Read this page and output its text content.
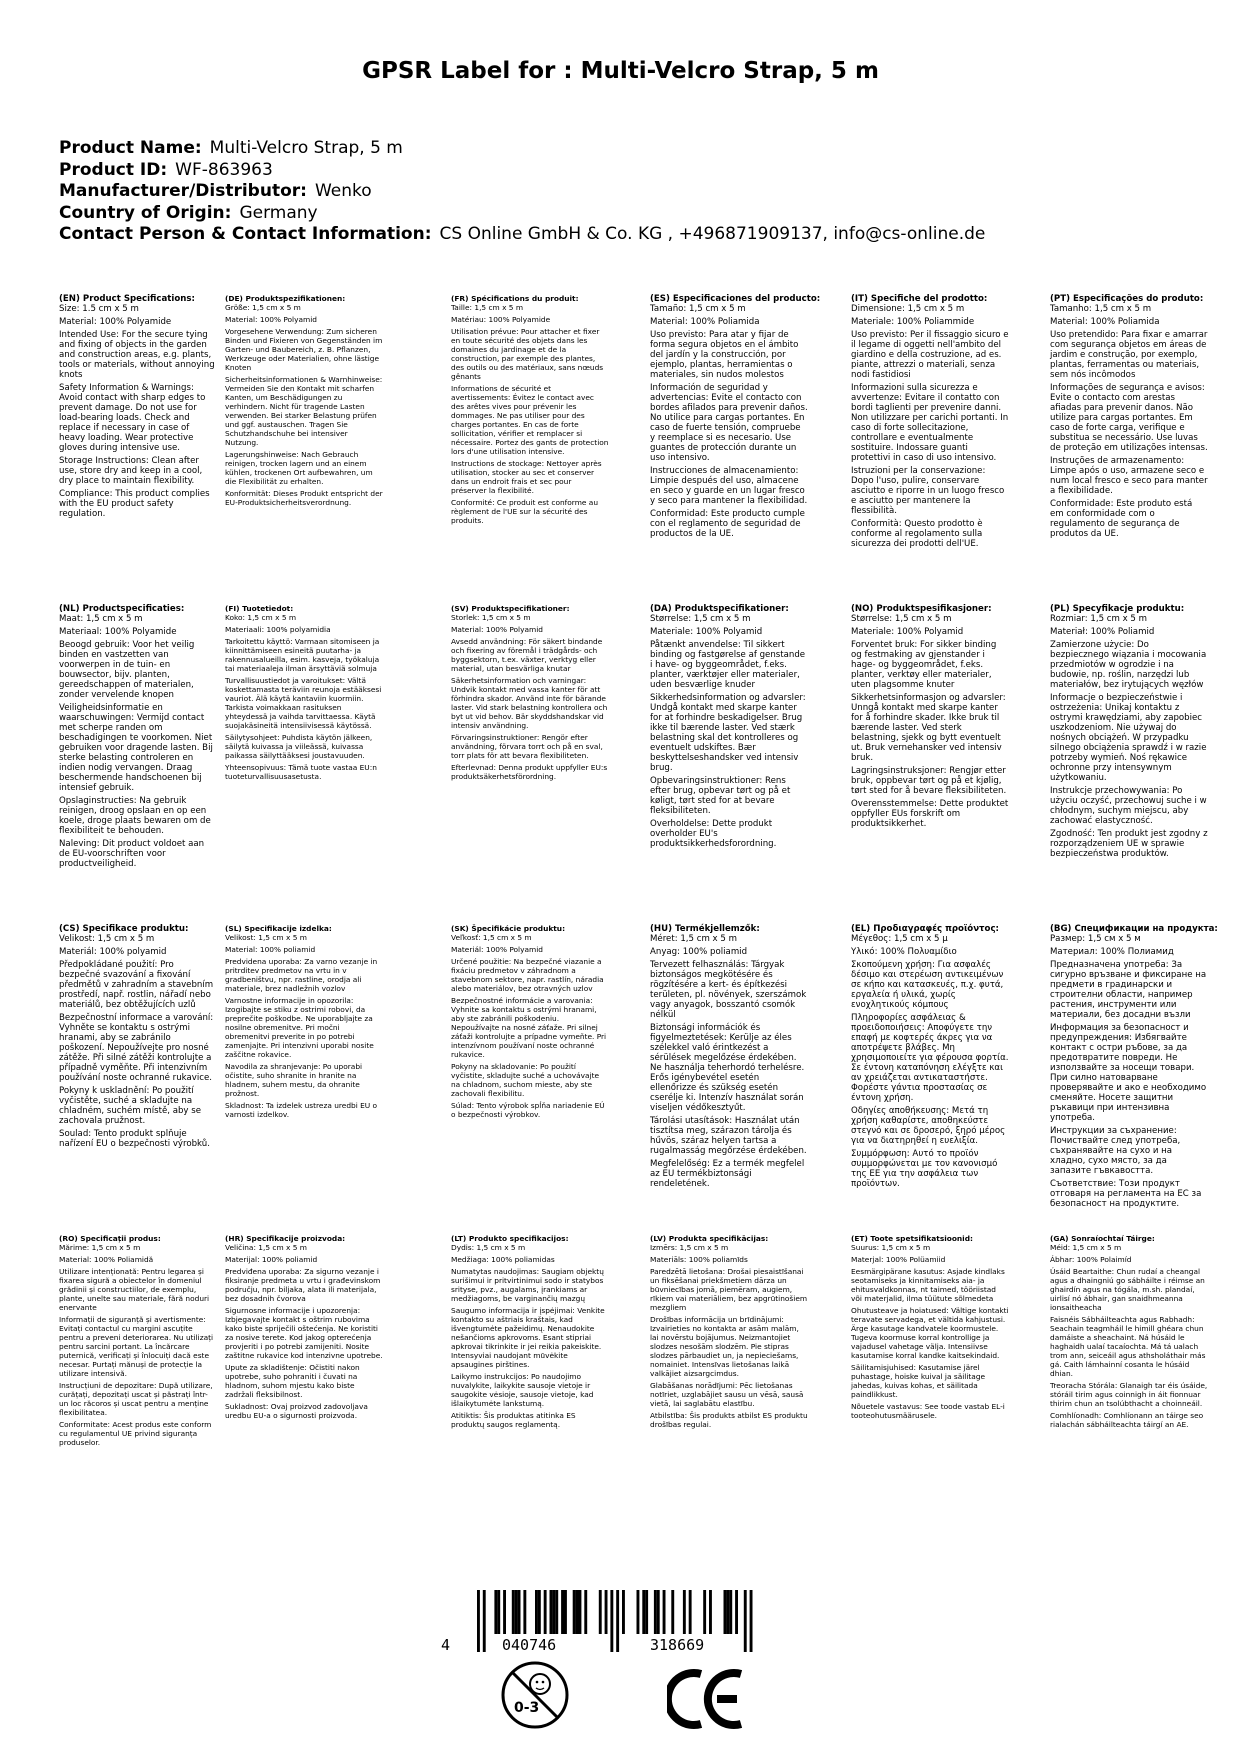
GPSR Label for : Multi-Velcro Strap, 5 m
Product Name: Multi-Velcro Strap, 5 m
Product ID: WF-863963
Manufacturer/Distributor: Wenko
Country of Origin: Germany
Contact Person & Contact Information: CS Online GmbH & Co. KG , +496871909137, info@cs-online.de
(EN) Product Specifications:
Size: 1.5 cm x 5 m
Material: 100% Polyamide
Intended Use: For the secure tying and fixing of objects in the garden and construction areas, e.g. plants, tools or materials, without annoying knots
Safety Information & Warnings: Avoid contact with sharp edges to prevent damage. Do not use for load-bearing loads. Check and replace if necessary in case of heavy loading. Wear protective gloves during intensive use.
Storage Instructions: Clean after use, store dry and keep in a cool, dry place to maintain flexibility.
Compliance: This product complies with the EU product safety regulation.
(DE) Produktspezifikationen:
Größe: 1,5 cm x 5 m
Material: 100% Polyamid
Vorgesehene Verwendung: Zum sicheren Binden und Fixieren von Gegenständen im Garten- und Baubereich, z. B. Pflanzen, Werkzeuge oder Materialien, ohne lästige Knoten
Sicherheitsinformationen & Warnhinweise: Vermeiden Sie den Kontakt mit scharfen Kanten, um Beschädigungen zu verhindern. Nicht für tragende Lasten verwenden. Bei starker Belastung prüfen und ggf. austauschen. Tragen Sie Schutzhandschuhe bei intensiver Nutzung.
Lagerungshinweise: Nach Gebrauch reinigen, trocken lagern und an einem kühlen, trockenen Ort aufbewahren, um die Flexibilität zu erhalten.
Konformität: Dieses Produkt entspricht der EU-Produktsicherheitsverordnung.
(FR) Spécifications du produit:
Taille: 1,5 cm x 5 m
Matériau: 100% Polyamide
Utilisation prévue: Pour attacher et fixer en toute sécurité des objets dans les domaines du jardinage et de la construction, par exemple des plantes, des outils ou des matériaux, sans nœuds gênants
Informations de sécurité et avertissements: Évitez le contact avec des arêtes vives pour prévenir les dommages. Ne pas utiliser pour des charges portantes. En cas de forte sollicitation, vérifier et remplacer si nécessaire. Portez des gants de protection lors d'une utilisation intensive.
Instructions de stockage: Nettoyer après utilisation, stocker au sec et conserver dans un endroit frais et sec pour préserver la flexibilité.
Conformité: Ce produit est conforme au règlement de l'UE sur la sécurité des produits.
(ES) Especificaciones del producto:
Tamaño: 1,5 cm x 5 m
Material: 100% Poliamida
Uso previsto: Para atar y fijar de forma segura objetos en el ámbito del jardín y la construcción, por ejemplo, plantas, herramientas o materiales, sin nudos molestos
Información de seguridad y advertencias: Evite el contacto con bordes afilados para prevenir daños. No utilice para cargas portantes. En caso de fuerte tensión, compruebe y reemplace si es necesario. Use guantes de protección durante un uso intensivo.
Instrucciones de almacenamiento: Limpie después del uso, almacene en seco y guarde en un lugar fresco y seco para mantener la flexibilidad.
Conformidad: Este producto cumple con el reglamento de seguridad de productos de la UE.
(IT) Specifiche del prodotto:
Dimensione: 1,5 cm x 5 m
Materiale: 100% Poliammide
Uso previsto: Per il fissaggio sicuro e il legame di oggetti nell'ambito del giardino e della costruzione, ad es. piante, attrezzi o materiali, senza nodi fastidiosi
Informazioni sulla sicurezza e avvertenze: Evitare il contatto con bordi taglienti per prevenire danni. Non utilizzare per carichi portanti. In caso di forte sollecitazione, controllare e eventualmente sostituire. Indossare guanti protettivi in caso di uso intensivo.
Istruzioni per la conservazione: Dopo l'uso, pulire, conservare asciutto e riporre in un luogo fresco e asciutto per mantenere la flessibilità.
Conformità: Questo prodotto è conforme al regolamento sulla sicurezza dei prodotti dell'UE.
(PT) Especificações do produto:
Tamanho: 1,5 cm x 5 m
Material: 100% Poliamida
Uso pretendido: Para fixar e amarrar com segurança objetos em áreas de jardim e construção, por exemplo, plantas, ferramentas ou materiais, sem nós incômodos
Informações de segurança e avisos: Evite o contacto com arestas afiadas para prevenir danos. Não utilize para cargas portantes. Em caso de forte carga, verifique e substitua se necessário. Use luvas de proteção em utilizações intensas.
Instruções de armazenamento: Limpe após o uso, armazene seco e num local fresco e seco para manter a flexibilidade.
Conformidade: Este produto está em conformidade com o regulamento de segurança de produtos da UE.
(NL) Productspecificaties:
Maat: 1,5 cm x 5 m
Materiaal: 100% Polyamide
Beoogd gebruik: Voor het veilig binden en vastzetten van voorwerpen in de tuin- en bouwsector, bijv. planten, gereedschappen of materialen, zonder vervelende knopen
Veiligheidsinformatie en waarschuwingen: Vermijd contact met scherpe randen om beschadigingen te voorkomen. Niet gebruiken voor dragende lasten. Bij sterke belasting controleren en indien nodig vervangen. Draag beschermende handschoenen bij intensief gebruik.
Opslaginstructies: Na gebruik reinigen, droog opslaan en op een koele, droge plaats bewaren om de flexibiliteit te behouden.
Naleving: Dit product voldoet aan de EU-voorschriften voor productveiligheid.
(FI) Tuotetiedot:
Koko: 1,5 cm x 5 m
Materiaali: 100% polyamidia
Tarkoitettu käyttö: Varmaan sitomiseen ja kiinnittämiseen esineitä puutarha- ja rakennusalueilla, esim. kasveja, työkaluja tai materiaaleja ilman ärsyttäviä solmuja
Turvallisuustiedot ja varoitukset: Vältä koskettamasta teräviin reunoja estääksesi vauriot. Älä käytä kantaviin kuormiin. Tarkista voimakkaan rasituksen yhteydessä ja vaihda tarvittaessa. Käytä suojakäsineitä intensiivisessä käytössä.
Säilytysohjeet: Puhdista käytön jälkeen, säilytä kuivassa ja viileässä, kuivassa paikassa säilyttääksesi joustavuuden.
Yhteensopivuus: Tämä tuote vastaa EU:n tuoteturvallisuusasetusta.
(SV) Produktspecifikationer:
Storlek: 1,5 cm x 5 m
Material: 100% Polyamid
Avsedd användning: För säkert bindande och fixering av föremål i trädgårds- och byggsektorn, t.ex. växter, verktyg eller material, utan besvärliga knutar
Säkerhetsinformation och varningar: Undvik kontakt med vassa kanter för att förhindra skador. Använd inte för bärande laster. Vid stark belastning kontrollera och byt ut vid behov. Bär skyddshandskar vid intensiv användning.
Förvaringsinstruktioner: Rengör efter användning, förvara torrt och på en sval, torr plats för att bevara flexibiliteten.
Efterlevnad: Denna produkt uppfyller EU:s produktsäkerhetsförordning.
(DA) Produktspecifikationer:
Størrelse: 1,5 cm x 5 m
Materiale: 100% Polyamid
Påtænkt anvendelse: Til sikkert binding og fastgørelse af genstande i have- og byggeområdet, f.eks. planter, værktøjer eller materialer, uden besværlige knuder
Sikkerhedsinformation og advarsler: Undgå kontakt med skarpe kanter for at forhindre beskadigelser. Brug ikke til bærende laster. Ved stærk belastning skal det kontrolleres og eventuelt udskiftes. Bær beskyttelseshandsker ved intensiv brug.
Opbevaringsinstruktioner: Rens efter brug, opbevar tørt og på et køligt, tørt sted for at bevare fleksibiliteten.
Overholdelse: Dette produkt overholder EU's produktsikkerhedsforordning.
(NO) Produktspesifikasjoner:
Størrelse: 1,5 cm x 5 m
Materiale: 100% Polyamid
Forventet bruk: For sikker binding og festmaking av gjenstander i hage- og byggeområdet, f.eks. planter, verktøy eller materialer, uten plagsomme knuter
Sikkerhetsinformasjon og advarsler: Unngå kontakt med skarpe kanter for å forhindre skader. Ikke bruk til bærende laster. Ved sterk belastning, sjekk og bytt eventuelt ut. Bruk vernehansker ved intensiv bruk.
Lagringsinstruksjoner: Rengjør etter bruk, oppbevar tørt og på et kjølig, tørt sted for å bevare fleksibiliteten.
Overensstemmelse: Dette produktet oppfyller EUs forskrift om produktsikkerhet.
(PL) Specyfikacje produktu:
Rozmiar: 1,5 cm x 5 m
Materiał: 100% Poliamid
Zamierzone użycie: Do bezpiecznego wiązania i mocowania przedmiotów w ogrodzie i na budowie, np. roślin, narzędzi lub materiałów, bez irytujących węzłów
Informacje o bezpieczeństwie i ostrzeżenia: Unikaj kontaktu z ostrymi krawędziami, aby zapobiec uszkodzeniom. Nie używaj do nośnych obciążeń. W przypadku silnego obciążenia sprawdź i w razie potrzeby wymień. Noś rękawice ochronne przy intensywnym użytkowaniu.
Instrukcje przechowywania: Po użyciu oczyść, przechowuj suche i w chłodnym, suchym miejscu, aby zachować elastyczność.
Zgodność: Ten produkt jest zgodny z rozporządzeniem UE w sprawie bezpieczeństwa produktów.
(CS) Specifikace produktu:
Velikost: 1,5 cm x 5 m
Materiál: 100% polyamid
Předpokládané použití: Pro bezpečné svazování a fixování předmětů v zahradním a stavebním prostředí, např. rostlin, nářadí nebo materiálů, bez obtěžujících uzlů
Bezpečnostní informace a varování: Vyhněte se kontaktu s ostrými hranami, aby se zabránilo poškození. Nepoužívejte pro nosné zátěže. Při silné zátěži kontrolujte a případně vyměňte. Při intenzivním používání noste ochranné rukavice.
Pokyny k uskladnění: Po použití vyčistěte, suché a skladujte na chladném, suchém místě, aby se zachovala pružnost.
Soulad: Tento produkt splňuje nařízení EU o bezpečnosti výrobků.
(SL) Specifikacije izdelka:
Velikost: 1,5 cm x 5 m
Material: 100% poliamid
Predvidena uporaba: Za varno vezanje in pritrditev predmetov na vrtu in v gradbeništvu, npr. rastline, orodja ali materiale, brez nadležnih vozlov
Varnostne informacije in opozorila: Izogibajte se stiku z ostrimi robovi, da preprečite poškodbe. Ne uporabljajte za nosilne obremenitve. Pri močni obremenitvi preverite in po potrebi zamenjajte. Pri intenzivni uporabi nosite zaščitne rokavice.
Navodila za shranjevanje: Po uporabi očistite, suho shranite in hranite na hladnem, suhem mestu, da ohranite prožnost.
Skladnost: Ta izdelek ustreza uredbi EU o varnosti izdelkov.
(SK) Špecifikácie produktu:
Veľkosť: 1,5 cm x 5 m
Materiál: 100% Polyamid
Určené použitie: Na bezpečné viazanie a fixáciu predmetov v záhradnom a stavebnom sektore, napr. rastlín, náradia alebo materiálov, bez otravných uzlov
Bezpečnostné informácie a varovania: Vyhnite sa kontaktu s ostrými hranami, aby ste zabránili poškodeniu. Nepoužívajte na nosné záťaže. Pri silnej záťaži kontrolujte a prípadne vymeňte. Pri intenzívnom používaní noste ochranné rukavice.
Pokyny na skladovanie: Po použití vyčistite, skladujte suché a uchovávajte na chladnom, suchom mieste, aby ste zachovali flexibilitu.
Súlad: Tento výrobok spĺňa nariadenie EÚ o bezpečnosti výrobkov.
(HU) Termékjellemzők:
Méret: 1,5 cm x 5 m
Anyag: 100% poliamid
Tervezett felhasználás: Tárgyak biztonságos megkötésére és rögzítésére a kert- és építkezési területen, pl. növények, szerszámok vagy anyagok, bosszantó csomók nélkül
Biztonsági információk és figyelmeztetések: Kerülje az éles szélekkel való érintkezést a sérülések megelőzése érdekében. Ne használja teherhordó terhelésre. Erős igénybevétel esetén ellenőrizze és szükség esetén cserélje ki. Intenzív használat során viseljen védőkesztyűt.
Tárolási utasítások: Használat után tisztítsa meg, szárazon tárolja és hűvös, száraz helyen tartsa a rugalmasság megőrzése érdekében.
Megfelelőség: Ez a termék megfelel az EU termékbiztonsági rendeletének.
(EL) Προδιαγραφές προϊόντος:
Μέγεθος: 1,5 cm x 5 μ
Υλικό: 100% Πολυαμίδιο
Σκοπούμενη χρήση: Για ασφαλές δέσιμο και στερέωση αντικειμένων σε κήπο και κατασκευές, π.χ. φυτά, εργαλεία ή υλικά, χωρίς ενοχλητικούς κόμπους
Πληροφορίες ασφάλειας & προειδοποιήσεις: Αποφύγετε την επαφή με κοφτερές άκρες για να αποτρέψετε βλάβες. Μη χρησιμοποιείτε για φέρουσα φορτία. Σε έντονη καταπόνηση ελέγξτε και αν χρειάζεται αντικαταστήστε. Φορέστε γάντια προστασίας σε έντονη χρήση.
Οδηγίες αποθήκευσης: Μετά τη χρήση καθαρίστε, αποθηκεύστε στεγνό και σε δροσερό, ξηρό μέρος για να διατηρηθεί η ευελιξία.
Συμμόρφωση: Αυτό το προϊόν συμμορφώνεται με τον κανονισμό της ΕΕ για την ασφάλεια των προϊόντων.
(BG) Спецификации на продукта:
Размер: 1,5 см х 5 м
Материал: 100% Полиамид
Предназначена употреба: За сигурно връзване и фиксиране на предмети в градинарски и строителни области, например растения, инструменти или материали, без досадни възли
Информация за безопасност и предупреждения: Избягвайте контакт с остри ръбове, за да предотвратите повреди. Не използвайте за носещи товари. При силно натоварване проверявайте и ако е необходимо сменяйте. Носете защитни ръкавици при интензивна употреба.
Инструкции за съхранение: Почиствайте след употреба, съхранявайте на сухо и на хладно, сухо място, за да запазите гъвкавостта.
Съответствие: Този продукт отговаря на регламента на ЕС за безопасност на продуктите.
(RO) Specificații produs:
Mărime: 1,5 cm x 5 m
Material: 100% Poliamidă
Utilizare intenționată: Pentru legarea și fixarea sigură a obiectelor în domeniul grădinii și constructiilor, de exemplu, plante, unelte sau materiale, fără noduri enervante
Informații de siguranță și avertismente: Evitați contactul cu margini ascuțite pentru a preveni deteriorarea. Nu utilizați pentru sarcini portant. La încărcare puternică, verificați și înlocuiți dacă este necesar. Purtați mănuși de protecție la utilizare intensivă.
Instrucțiuni de depozitare: După utilizare, curățați, depozitați uscat și păstrați într-un loc răcoros și uscat pentru a menține flexibilitatea.
Conformitate: Acest produs este conform cu regulamentul UE privind siguranța produselor.
(HR) Specifikacije proizvoda:
Veličina: 1,5 cm x 5 m
Materijal: 100% poliamid
Predviđena uporaba: Za sigurno vezanje i fiksiranje predmeta u vrtu i građevinskom području, npr. biljaka, alata ili materijala, bez dosadnih čvorova
Sigurnosne informacije i upozorenja: Izbjegavajte kontakt s oštrim rubovima kako biste spriječili oštećenja. Ne koristiti za nosive terete. Kod jakog opterećenja provjeriti i po potrebi zamijeniti. Nosite zaštitne rukavice kod intenzivne upotrebe.
Upute za skladištenje: Očistiti nakon upotrebe, suho pohraniti i čuvati na hladnom, suhom mjestu kako biste zadržali fleksibilnost.
Sukladnost: Ovaj proizvod zadovoljava uredbu EU-a o sigurnosti proizvoda.
(LT) Produkto specifikacijos:
Dydis: 1,5 cm x 5 m
Medžiaga: 100% poliamidas
Numatytas naudojimas: Saugiam objektų surišimui ir pritvirtinimui sodo ir statybos srityse, pvz., augalams, įrankiams ar medžiagoms, be varginančių mazgų
Saugumo informacija ir įspėjimai: Venkite kontakto su aštriais kraštais, kad išvengtumėte pažeidimų. Nenaudokite nešančioms apkrovoms. Esant stipriai apkrovai tikrinkite ir jei reikia pakeiskite. Intensyviai naudojant mūvėkite apsaugines pirštines.
Laikymo instrukcijos: Po naudojimo nuvalykite, laikykite sausoje vietoje ir saugokite vėsioje, sausoje vietoje, kad išlaikytumėte lankstumą.
Atitiktis: Šis produktas atitinka ES produktų saugos reglamentą.
(LV) Produkta specifikācijas:
Izmērs: 1,5 cm x 5 m
Materiāls: 100% poliamīds
Paredzētā lietošana: Drošai piesaistīšanai un fiksēšanai priekšmetiem dārza un būvniecības jomā, piemēram, augiem, rīkiem vai materiāliem, bez apgrūtinošiem mezgliem
Drošības informācija un brīdinājumi: Izvairieties no kontakta ar asām malām, lai novērstu bojājumus. Neizmantojiet slodzes nesošām slodzēm. Pie stipras slodzes pārbaudiet un, ja nepieciešams, nomainiet. Intensīvas lietošanas laikā valkājiet aizsargcimdus.
Glabāšanas norādījumi: Pēc lietošanas notīriet, uzglabājiet sausu un vēsā, sausā vietā, lai saglabātu elastību.
Atbilstība: Šis produkts atbilst ES produktu drošības regulai.
(ET) Toote spetsifikatsioonid:
Suurus: 1,5 cm x 5 m
Materjal: 100% Polüamiid
Eesmärgipärane kasutus: Asjade kindlaks seotamiseks ja kinnitamiseks aia- ja ehitusvaldkonnas, nt taimed, tööriistad või materjalid, ilma tüütute sõlmedeta
Ohutusteave ja hoiatused: Vältige kontakti teravate servadega, et vältida kahjustusi. Ärge kasutage kandvatele koormustele. Tugeva koormuse korral kontrollige ja vajadusel vahetage välja. Intensiivse kasutamise korral kandke kaitsekindaid.
Säilitamisjuhised: Kasutamise järel puhastage, hoiske kuival ja säilitage jahedas, kuivas kohas, et säilitada paindlikkust.
Nõuetele vastavus: See toode vastab EL-i tooteohutusmäärusele.
(GA) Sonraíochtaí Táirge:
Méid: 1,5 cm x 5 m
Ábhar: 100% Polaimíd
Úsáid Beartaithe: Chun rudaí a cheangal agus a dhaingniú go sábháilte i réimse an ghairdín agus na tógála, m.sh. plandaí, uirlisí nó ábhair, gan snaidhmeanna ionsaitheacha
Faisnéis Sábháilteachta agus Rabhadh: Seachain teagmháil le himill ghéara chun damáiste a sheachaint. Ná húsáid le haghaidh ualaí tacaíochta. Má tá ualach trom ann, seiceáil agus athsholáthair más gá. Caith lámhainní cosanta le húsáid dhian.
Treoracha Stórála: Glanaigh tar éis úsáide, stóráil tirim agus coinnigh in áit fionnuar thirim chun an tsolúbthacht a choinneáil.
Comhlíonadh: Comhlíonann an táirge seo rialachán sábháilteachta táirgí an AE.
4	040746	318669
0-3
